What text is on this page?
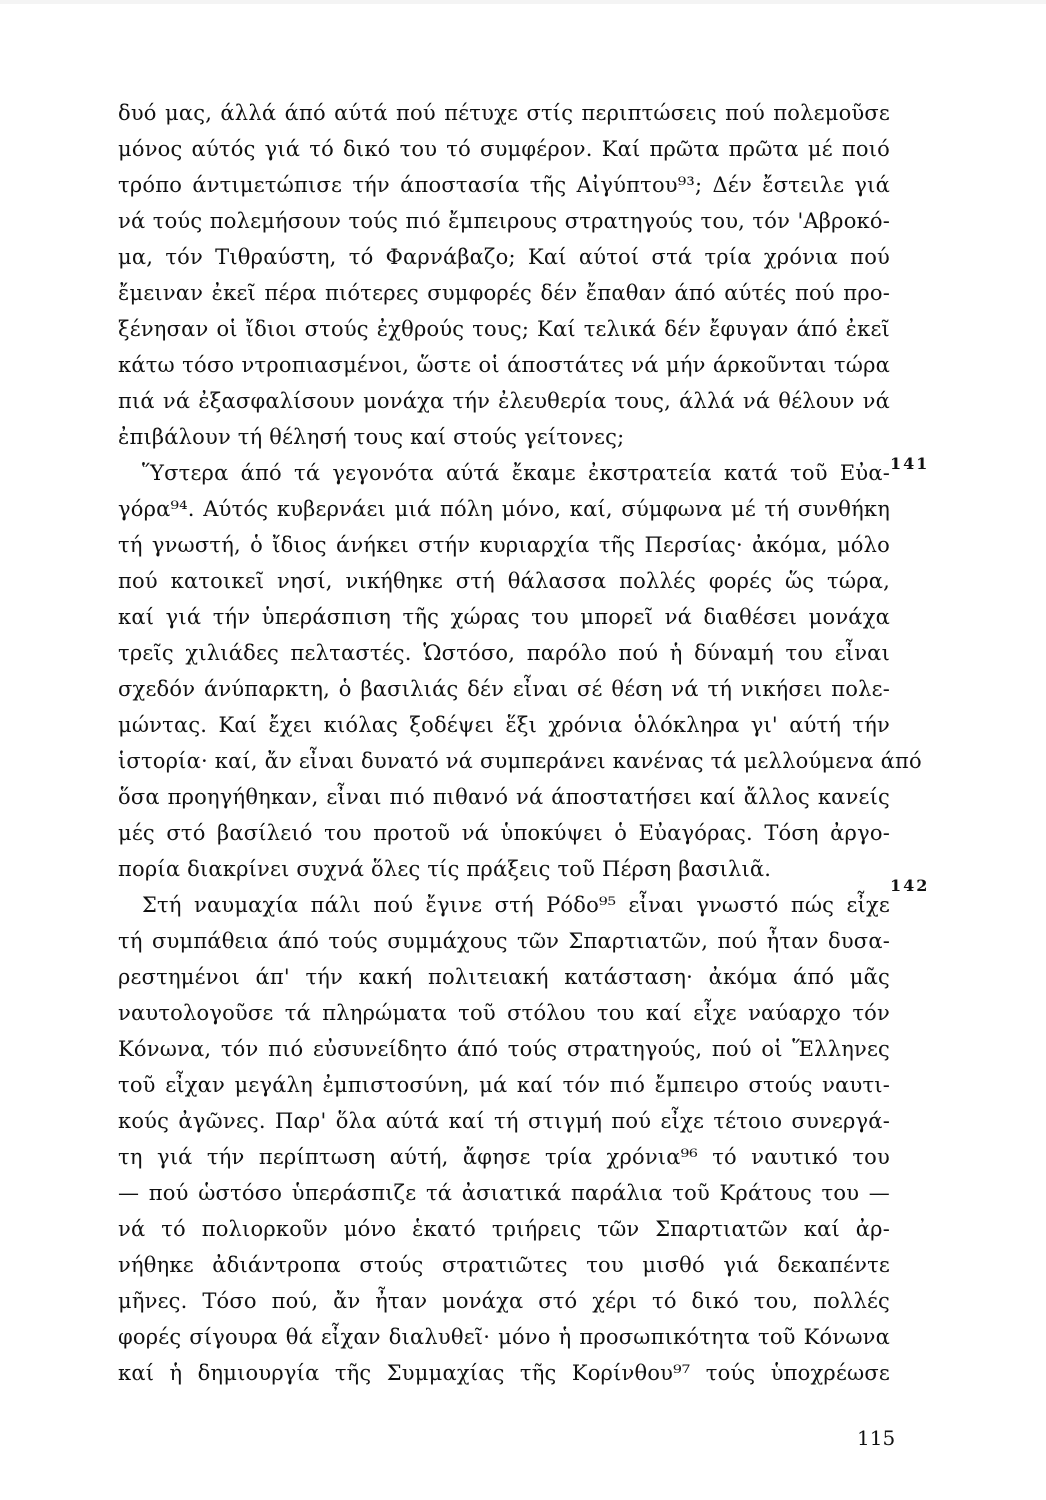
δυό μας, άλλά άπό αύτά πού πέτυχε στίς περιπτώσεις πού πολεμοῦσε
μόνος αύτός γιά τό δικό του τό συμφέρον. Καί πρῶτα πρῶτα μέ ποιό
τρόπο άντιμετώπισε τήν άποστασία τῆς Αἰγύπτου⁹³; Δέν ἔστειλε γιά
νά τούς πολεμήσουν τούς πιό ἔμπειρους στρατηγούς του, τόν 'Αβροκό-
μα, τόν Τιθραύστη, τό Φαρνάβαζο; Καί αύτοί στά τρία χρόνια πού
ἔμειναν ἐκεῖ πέρα πιότερες συμφορές δέν ἔπαθαν άπό αύτές πού προ-
ξένησαν οἱ ἴδιοι στούς ἐχθρούς τους; Καί τελικά δέν ἔφυγαν άπό ἐκεῖ
κάτω τόσο ντροπιασμένοι, ὥστε οἱ άποστάτες νά μήν άρκοῦνται τώρα
πιά νά ἐξασφαλίσουν μονάχα τήν ἐλευθερία τους, άλλά νά θέλουν νά
ἐπιβάλουν τή θέλησή τους καί στούς γείτονες;
Ὕστερα άπό τά γεγονότα αύτά ἔκαμε ἐκστρατεία κατά τοῦ Εὐα-
γόρα⁹⁴. Αύτός κυβερνάει μιά πόλη μόνο, καί, σύμφωνα μέ τή συνθήκη
τή γνωστή, ὁ ἴδιος άνήκει στήν κυριαρχία τῆς Περσίας· ἀκόμα, μόλο
πού κατοικεῖ νησί, νικήθηκε στή θάλασσα πολλές φορές ὥς τώρα,
καί γιά τήν ὑπεράσπιση τῆς χώρας του μπορεῖ νά διαθέσει μονάχα
τρεῖς χιλιάδες πελταστές. Ὡστόσο, παρόλο πού ἡ δύναμή του εἶναι
σχεδόν άνύπαρκτη, ὁ βασιλιάς δέν εἶναι σέ θέση νά τή νικήσει πολε-
μώντας. Καί ἔχει κιόλας ξοδέψει ἕξι χρόνια ὁλόκληρα γι' αύτή τήν
ἱστορία· καί, ἄν εἶναι δυνατό νά συμπεράνει κανένας τά μελλούμενα άπό
ὅσα προηγήθηκαν, εἶναι πιό πιθανό νά άποστατήσει καί ἄλλος κανείς
μές στό βασίλειό του προτοῦ νά ὑποκύψει ὁ Εὐαγόρας. Τόση ἀργο-
πορία διακρίνει συχνά ὅλες τίς πράξεις τοῦ Πέρση βασιλιᾶ.
Στή ναυμαχία πάλι πού ἔγινε στή Ρόδο⁹⁵ εἶναι γνωστό πώς εἶχε
τή συμπάθεια άπό τούς συμμάχους τῶν Σπαρτιατῶν, πού ἦταν δυσα-
ρεστημένοι άπ' τήν κακή πολιτειακή κατάσταση· ἀκόμα άπό μᾶς
ναυτολογοῦσε τά πληρώματα τοῦ στόλου του καί εἶχε ναύαρχο τόν
Κόνωνα, τόν πιό εὐσυνείδητο άπό τούς στρατηγούς, πού οἱ Ἕλληνες
τοῦ εἶχαν μεγάλη ἐμπιστοσύνη, μά καί τόν πιό ἔμπειρο στούς ναυτι-
κούς ἀγῶνες. Παρ' ὅλα αύτά καί τή στιγμή πού εἶχε τέτοιο συνεργά-
τη γιά τήν περίπτωση αύτή, ἄφησε τρία χρόνια⁹⁶ τό ναυτικό του
— πού ὡστόσο ὑπεράσπιζε τά ἀσιατικά παράλια τοῦ Κράτους του —
νά τό πολιορκοῦν μόνο ἑκατό τριήρεις τῶν Σπαρτιατῶν καί ἀρ-
νήθηκε ἀδιάντροπα στούς στρατιῶτες του μισθό γιά δεκαπέντε
μῆνες. Τόσο πού, ἄν ἦταν μονάχα στό χέρι τό δικό του, πολλές
φορές σίγουρα θά εἶχαν διαλυθεῖ· μόνο ἡ προσωπικότητα τοῦ Κόνωνα
καί ἡ δημιουργία τῆς Συμμαχίας τῆς Κορίνθου⁹⁷ τούς ὑποχρέωσε
141
142
115
